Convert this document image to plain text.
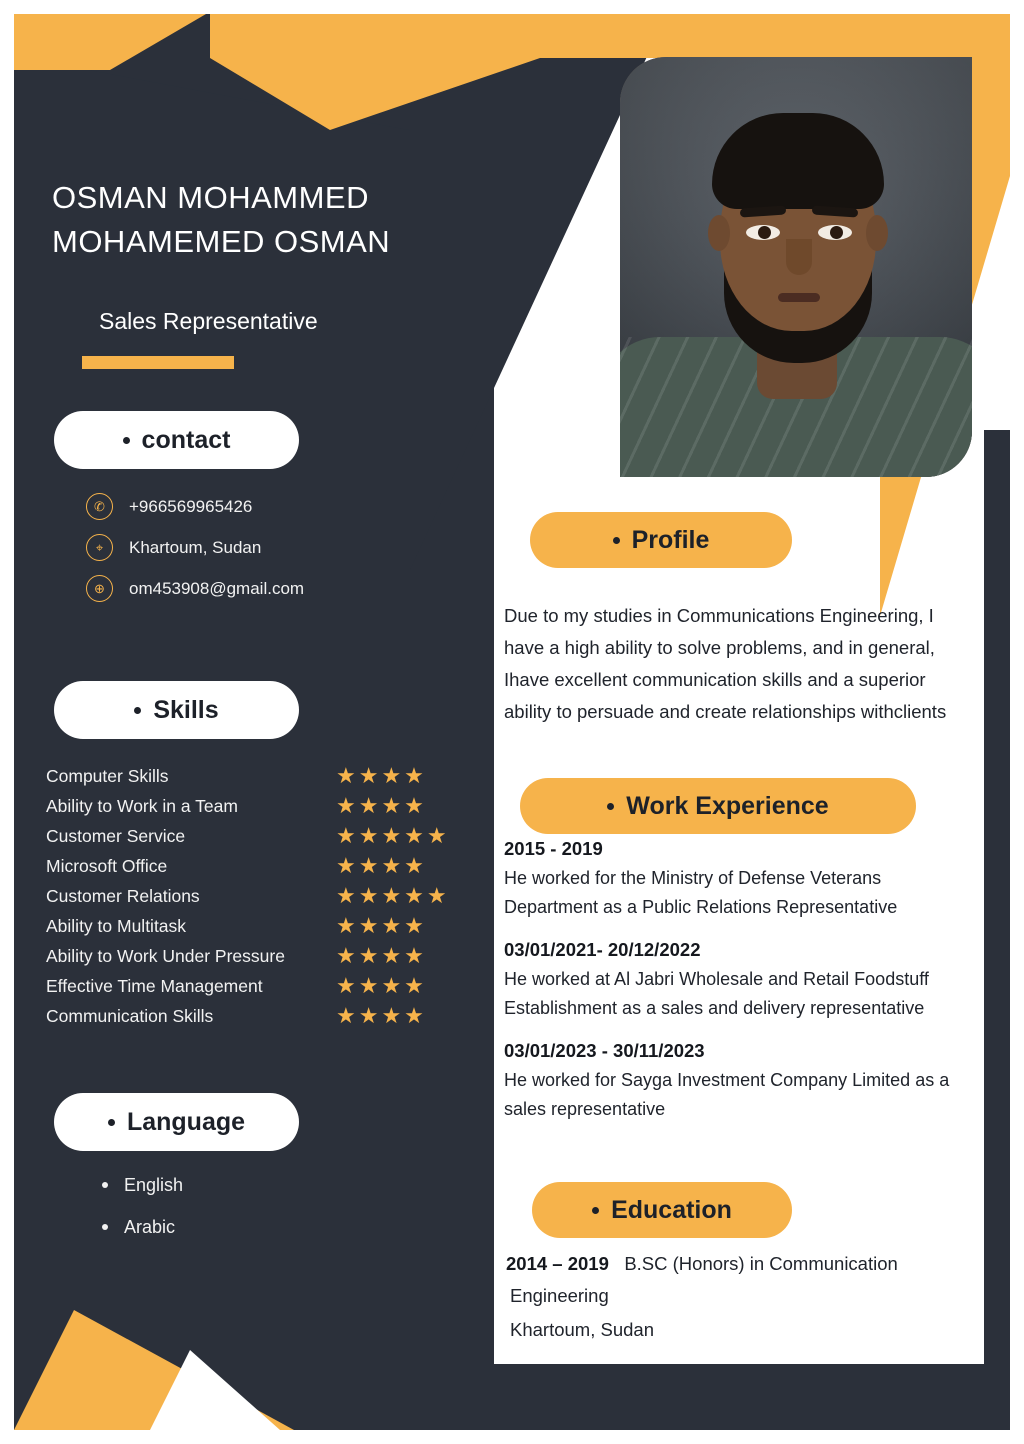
OSMAN MOHAMMED
MOHAMEMED OSMAN
Sales Representative
contact
✆	+966569965426
⌖	Khartoum, Sudan
⊕	om453908@gmail.com
Skills
Computer Skills	★★★★
Ability to Work in a Team	★★★★
Customer Service	★★★★★
Microsoft Office	★★★★
Customer Relations	★★★★★
Ability to Multitask	★★★★
Ability to Work Under Pressure	★★★★
Effective Time Management	★★★★
Communication Skills	★★★★
Language
English
Arabic
Profile
Due to my studies in Communications Engineering, I have a high ability to solve problems, and in general, Ihave excellent communication skills and a superior ability to persuade and create relationships withclients
Work Experience
2015 - 2019
He worked for the Ministry of Defense Veterans Department as a Public Relations Representative
03/01/2021- 20/12/2022
He worked at Al Jabri Wholesale and Retail Foodstuff Establishment as a sales and delivery representative
03/01/2023 - 30/11/2023
He worked for Sayga Investment Company Limited as a sales representative
Education
2014 – 2019 B.SC (Honors) in Communication
Engineering
Khartoum, Sudan
